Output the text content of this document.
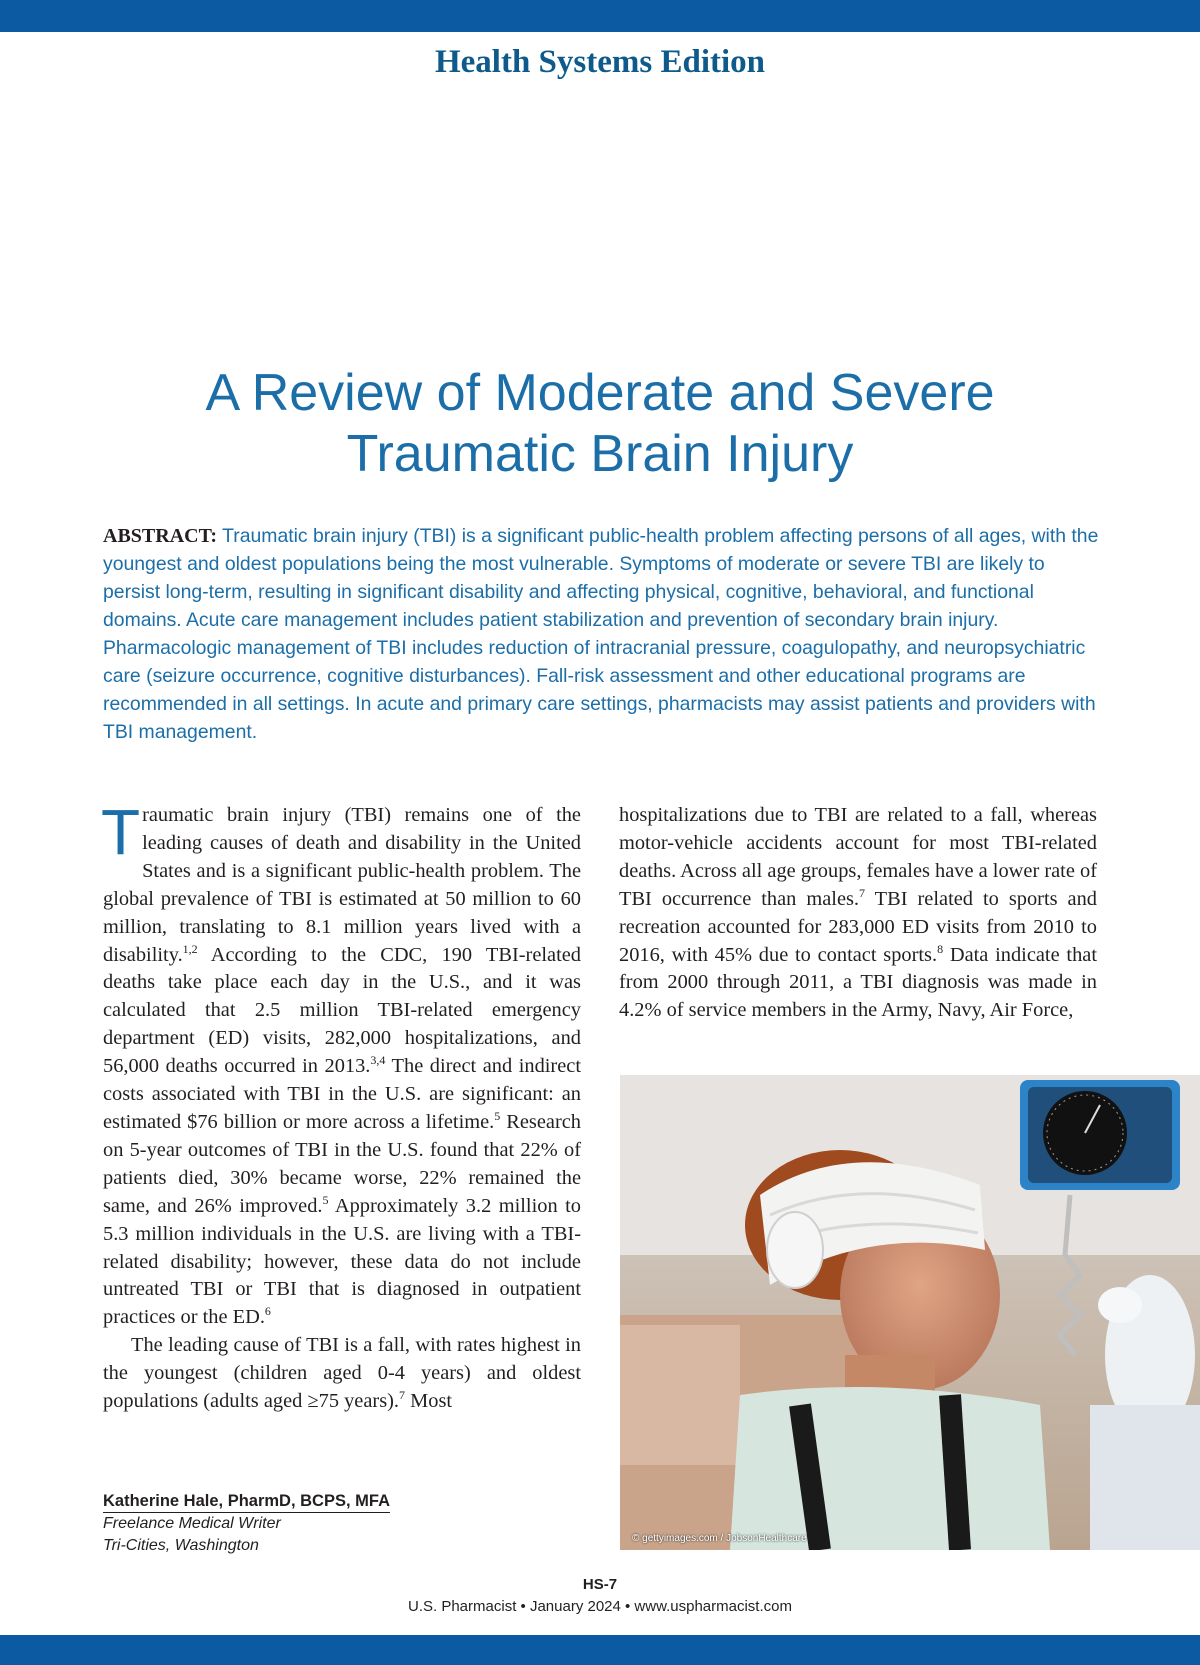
Health Systems Edition
A Review of Moderate and Severe
Traumatic Brain Injury

ABSTRACT: Traumatic brain injury (TBI) is a significant public-health problem affecting persons of all ages, with the youngest and oldest populations being the most vulnerable. Symptoms of moderate or severe TBI are likely to persist long-term, resulting in significant disability and affecting physical, cognitive, behavioral, and functional domains. Acute care management includes patient stabilization and prevention of secondary brain injury. Pharmacologic management of TBI includes reduction of intracranial pressure, coagulopathy, and neuropsychiatric care (seizure occurrence, cognitive disturbances). Fall-risk assessment and other educational programs are recommended in all settings. In acute and primary care settings, pharmacists may assist patients and providers with TBI management.

Traumatic brain injury (TBI) remains one of the leading causes of death and disability in the United States and is a significant public-health problem. The global prevalence of TBI is estimated at 50 million to 60 million, translating to 8.1 million years lived with a disability.$^{1,2}$ According to the CDC, 190 TBI-related deaths take place each day in the U.S., and it was calculated that 2.5 million TBI-related emergency department (ED) visits, 282,000 hospitalizations, and 56,000 deaths occurred in 2013.$^{3,4}$ The direct and indirect costs associated with TBI in the U.S. are significant: an estimated $76 billion or more across a lifetime.$^5$ Research on 5-year outcomes of TBI in the U.S. found that 22% of patients died, 30% became worse, 22% remained the same, and 26% improved.$^5$ Approximately 3.2 million to 5.3 million individuals in the U.S. are living with a TBI-related disability; however, these data do not include untreated TBI or TBI that is diagnosed in outpatient practices or the ED.$^6$

The leading cause of TBI is a fall, with rates highest in the youngest (children aged 0-4 years) and oldest populations (adults aged ≥75 years).$^7$ Most

hospitalizations due to TBI are related to a fall, whereas motor-vehicle accidents account for most TBI-related deaths. Across all age groups, females have a lower rate of TBI occurrence than males.$^7$ TBI related to sports and recreation accounted for 283,000 ED visits from 2010 to 2016, with 45% due to contact sports.$^8$ Data indicate that from 2000 through 2011, a TBI diagnosis was made in 4.2% of service members in the Army, Navy, Air Force,

© gettyimages.com / JobsonHealthcare
Katherine Hale, PharmD, BCPS, MFA
Freelance Medical Writer
Tri-Cities, Washington
HS-7
U.S. Pharmacist • January 2024 • www.uspharmacist.com
